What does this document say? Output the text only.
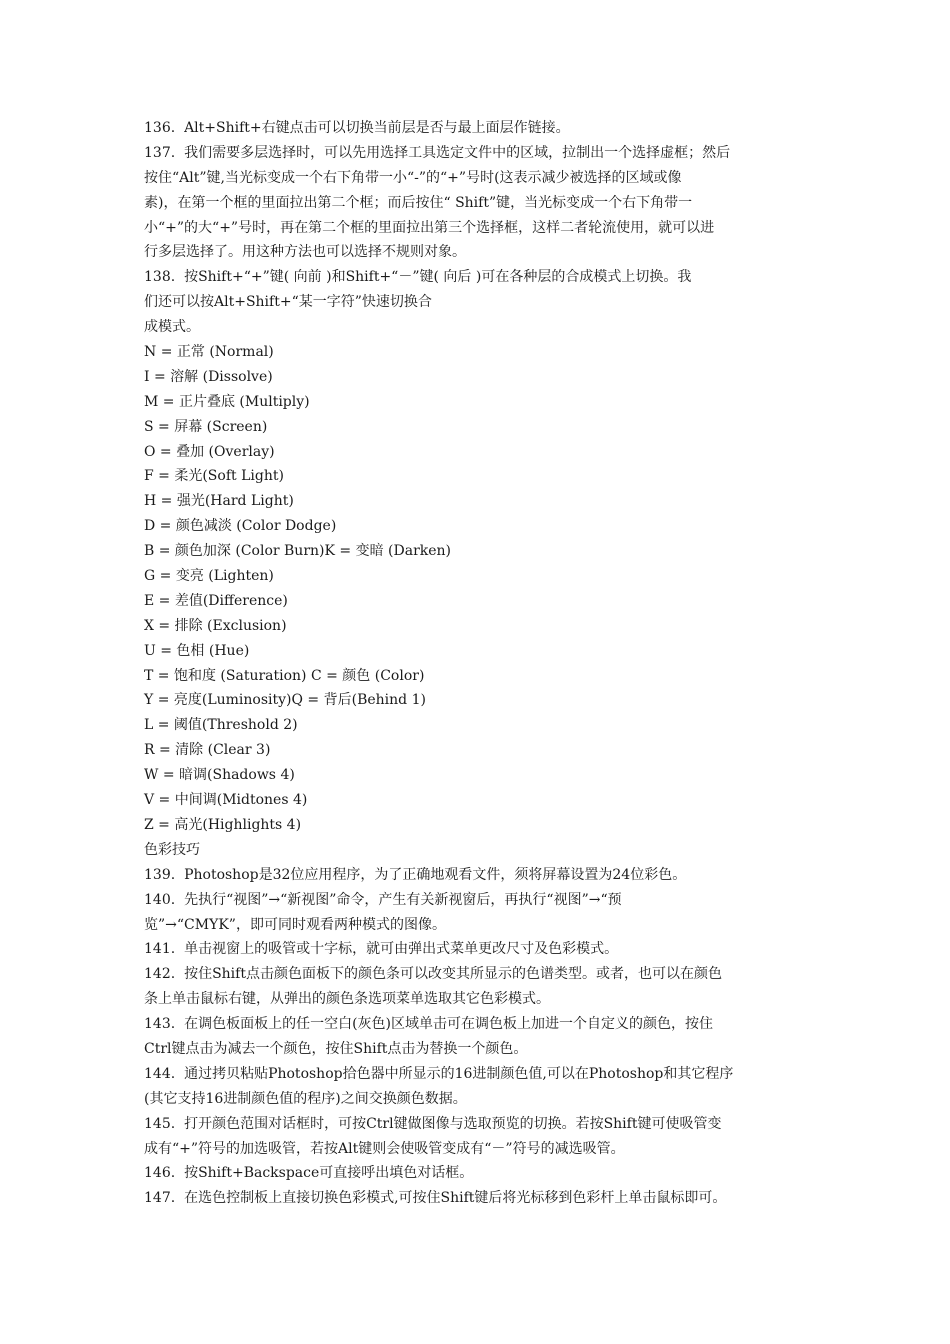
136.  Alt+Shift+右键点击可以切换当前层是否与最上面层作链接。
137.  我们需要多层选择时，可以先用选择工具选定文件中的区域，拉制出一个选择虚框；然后
按住“Alt”键,当光标变成一个右下角带一小“-”的“+”号时(这表示减少被选择的区域或像
素)，在第一个框的里面拉出第二个框；而后按住“ Shift”键，当光标变成一个右下角带一
小“+”的大“+”号时，再在第二个框的里面拉出第三个选择框，这样二者轮流使用，就可以进
行多层选择了。用这种方法也可以选择不规则对象。
138.  按Shift+“+”键( 向前 )和Shift+“－”键( 向后 )可在各种层的合成模式上切换。我
们还可以按Alt+Shift+“某一字符”快速切换合
成模式。
N = 正常 (Normal)
I = 溶解 (Dissolve)
M = 正片叠底 (Multiply)
S = 屏幕 (Screen)
O = 叠加 (Overlay)
F = 柔光(Soft Light)
H = 强光(Hard Light)
D = 颜色减淡 (Color Dodge)
B = 颜色加深 (Color Burn)K = 变暗 (Darken)
G = 变亮 (Lighten)
E = 差值(Difference)
X = 排除 (Exclusion)
U = 色相 (Hue)
T = 饱和度 (Saturation) C = 颜色 (Color)
Y = 亮度(Luminosity)Q = 背后(Behind 1)
L = 阈值(Threshold 2)
R = 清除 (Clear 3)
W = 暗调(Shadows 4)
V = 中间调(Midtones 4)
Z = 高光(Highlights 4)
色彩技巧
139.  Photoshop是32位应用程序，为了正确地观看文件，须将屏幕设置为24位彩色。
140.  先执行“视图”→“新视图”命令，产生有关新视窗后，再执行“视图”→“预
览”→“CMYK”，即可同时观看两种模式的图像。
141.  单击视窗上的吸管或十字标，就可由弹出式菜单更改尺寸及色彩模式。
142.  按住Shift点击颜色面板下的颜色条可以改变其所显示的色谱类型。或者，也可以在颜色
条上单击鼠标右键，从弹出的颜色条选项菜单选取其它色彩模式。
143.  在调色板面板上的任一空白(灰色)区域单击可在调色板上加进一个自定义的颜色，按住
Ctrl键点击为减去一个颜色，按住Shift点击为替换一个颜色。
144.  通过拷贝粘贴Photoshop拾色器中所显示的16进制颜色值,可以在Photoshop和其它程序
(其它支持16进制颜色值的程序)之间交换颜色数据。
145.  打开颜色范围对话框时，可按Ctrl键做图像与选取预览的切换。若按Shift键可使吸管变
成有“+”符号的加选吸管，若按Alt键则会使吸管变成有“－”符号的减选吸管。
146.  按Shift+Backspace可直接呼出填色对话框。
147.  在选色控制板上直接切换色彩模式,可按住Shift键后将光标移到色彩杆上单击鼠标即可。
